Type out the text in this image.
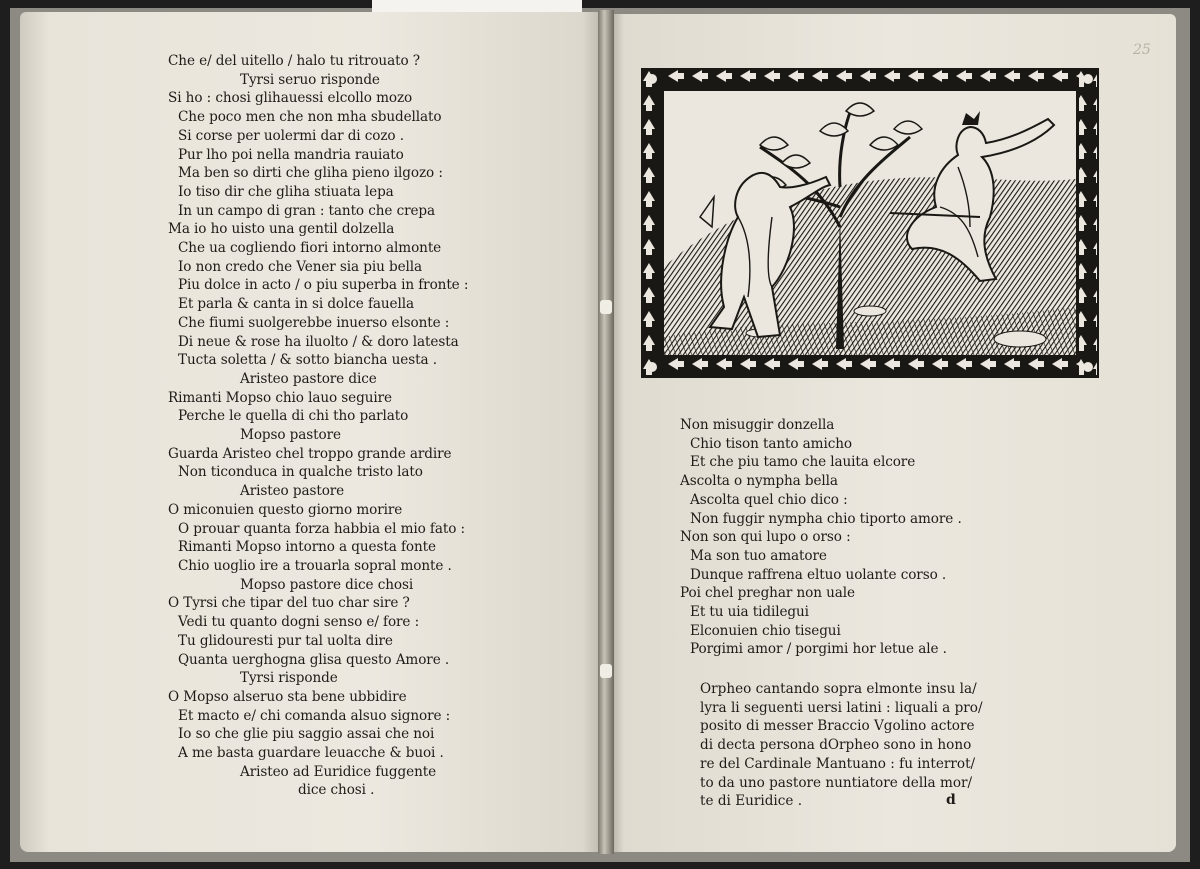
Che e/ del uitello / halo tu ritrouato ?
Tyrsi seruo risponde
Si ho : chosi glihauessi elcollo mozo
Che poco men che non mha sbudellato
Si corse per uolermi dar di cozo .
Pur lho poi nella mandria rauiato
Ma ben so dirti che gliha pieno ilgozo :
Io tiso dir che gliha stiuata lepa
In un campo di gran : tanto che crepa
Ma io ho uisto una gentil dolzella
Che ua cogliendo fiori intorno almonte
Io non credo che Vener sia piu bella
Piu dolce in acto / o piu superba in fronte :
Et parla & canta in si dolce fauella
Che fiumi suolgerebbe inuerso elsonte :
Di neue & rose ha iluolto / & doro latesta
Tucta soletta / & sotto biancha uesta .
Aristeo pastore dice
Rimanti Mopso chio lauo seguire
Perche le quella di chi tho parlato
Mopso pastore
Guarda Aristeo chel troppo grande ardire
Non ticonduca in qualche tristo lato
Aristeo pastore
O miconuien questo giorno morire
O prouar quanta forza habbia el mio fato :
Rimanti Mopso intorno a questa fonte
Chio uoglio ire a trouarla sopral monte .
Mopso pastore dice chosi
O Tyrsi che tipar del tuo char sire ?
Vedi tu quanto dogni senso e/ fore :
Tu glidouresti pur tal uolta dire
Quanta uerghogna glisa questo Amore .
Tyrsi risponde
O Mopso alseruo sta bene ubbidire
Et macto e/ chi comanda alsuo signore :
Io so che glie piu saggio assai che noi
A me basta guardare leuacche & buoi .
Aristeo ad Euridice fuggente
dice chosi .
25
Non misuggir donzella
Chio tison tanto amicho
Et che piu tamo che lauita elcore
Ascolta o nympha bella
Ascolta quel chio dico :
Non fuggir nympha chio tiporto amore .
Non son qui lupo o orso :
Ma son tuo amatore
Dunque raffrena eltuo uolante corso .
Poi chel preghar non uale
Et tu uia tidilegui
Elconuien chio tisegui
Porgimi amor / porgimi hor letue ale .
Orpheo cantando sopra elmonte insu la/
lyra li seguenti uersi latini : liquali a pro/
posito di messer Braccio Vgolino actore
di decta persona dOrpheo sono in hono
re del Cardinale Mantuano : fu interrot/
to da uno pastore nuntiatore della mor/
te di Euridice .	d
